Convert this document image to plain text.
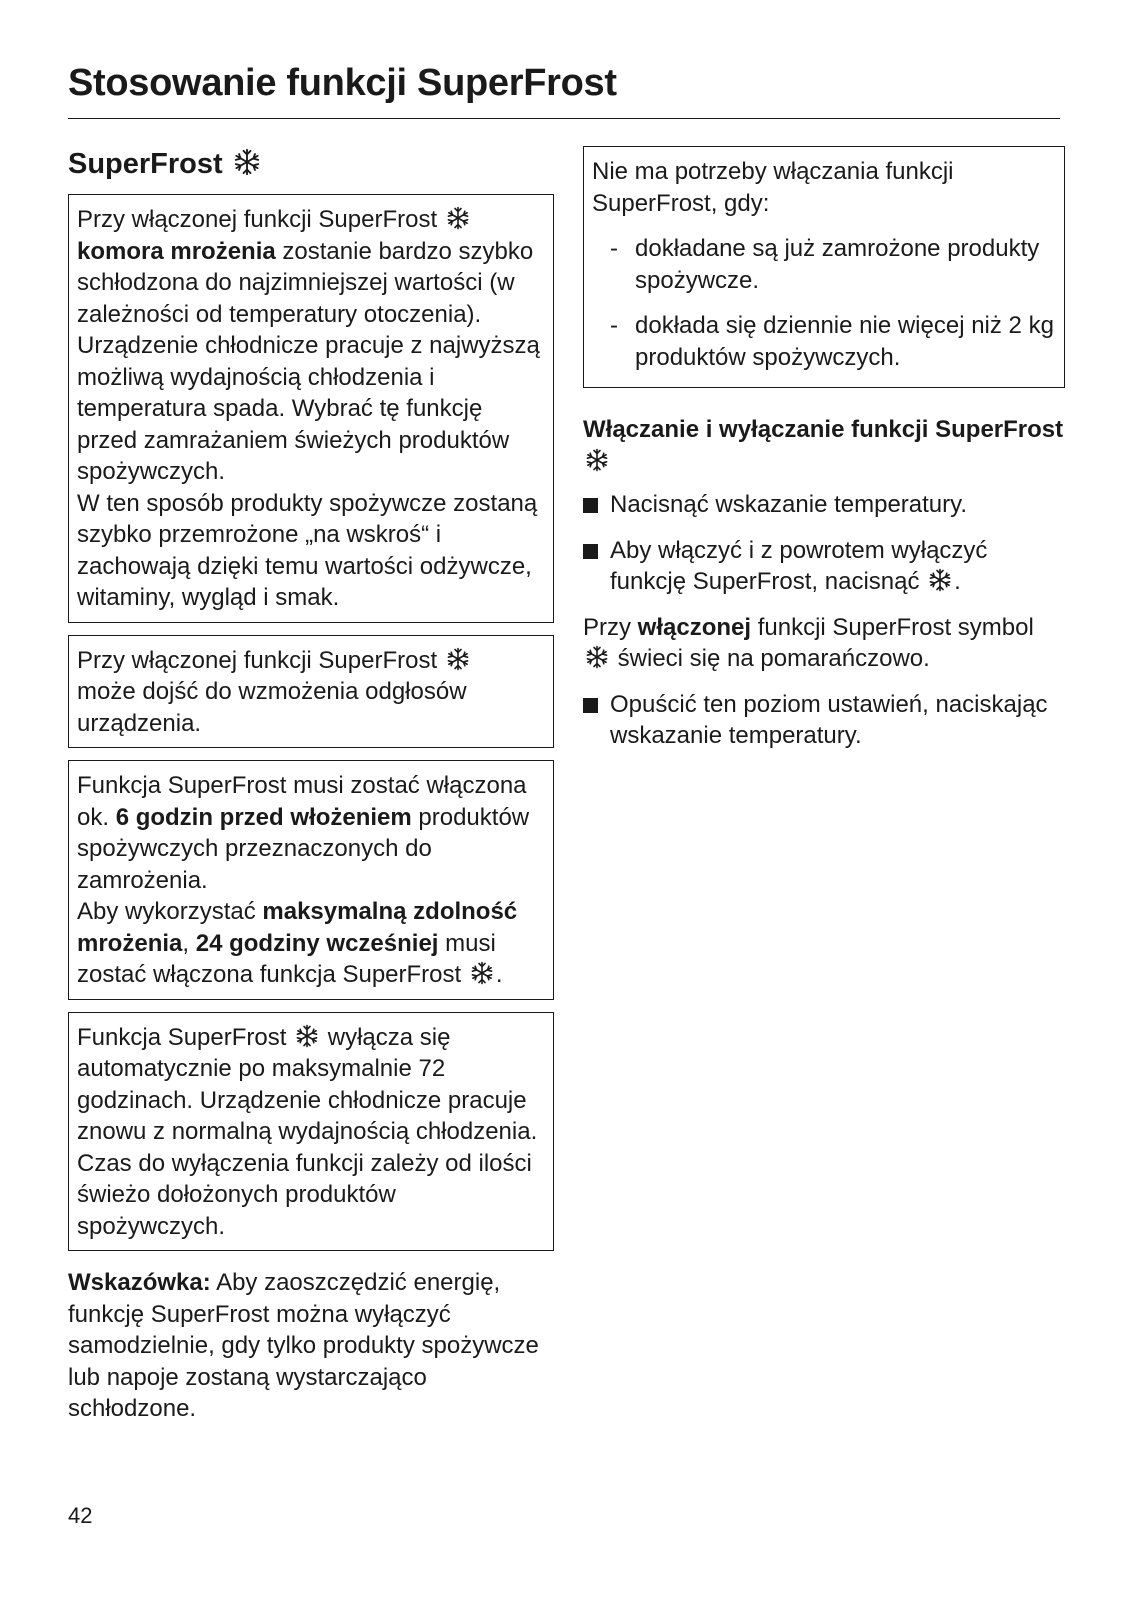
Stosowanie funkcji SuperFrost
SuperFrost

Przy włączonej funkcji SuperFrost

komora mrożenia zostanie bardzo szybko schłodzona do najzimniejszej wartości (w zależności od temperatury otoczenia). Urządzenie chłodnicze pracuje z najwyższą możliwą wydajnością chłodzenia i temperatura spada. Wybrać tę funkcję przed zamrażaniem świeżych produktów spożywczych.
W ten sposób produkty spożywcze zostaną szybko przemrożone „na wskroś“ i zachowają dzięki temu wartości odżywcze, witaminy, wygląd i smak.

Przy włączonej funkcji SuperFrost

może dojść do wzmożenia odgłosów urządzenia.

Funkcja SuperFrost musi zostać włączona ok. 6 godzin przed włożeniem produktów spożywczych przeznaczonych do zamrożenia.
Aby wykorzystać maksymalną zdolność mrożenia, 24 godziny wcześniej musi zostać włączona funkcja SuperFrost .

Funkcja SuperFrost
wyłącza się automatycznie po maksymalnie 72 godzinach. Urządzenie chłodnicze pracuje znowu z normalną wydajnością chłodzenia. Czas do wyłączenia funkcji zależy od ilości świeżo dołożonych produktów spożywczych.

Wskazówka: Aby zaoszczędzić energię, funkcję SuperFrost można wyłączyć samodzielnie, gdy tylko produkty spożywcze lub napoje zostaną wystarczająco schłodzone.

Nie ma potrzeby włączania funkcji SuperFrost, gdy:

- dokładane są już zamrożone produkty spożywcze.
- dokłada się dziennie nie więcej niż 2 kg produktów spożywczych.
Włączanie i wyłączanie funkcji SuperFrost
Nacisnąć wskazanie temperatury.
Aby włączyć i z powrotem wyłączyć funkcję SuperFrost, nacisnąć .

Przy włączonej funkcji SuperFrost symbol
świeci się na pomarańczowo.

Opuścić ten poziom ustawień, naciskając wskazanie temperatury.
42
